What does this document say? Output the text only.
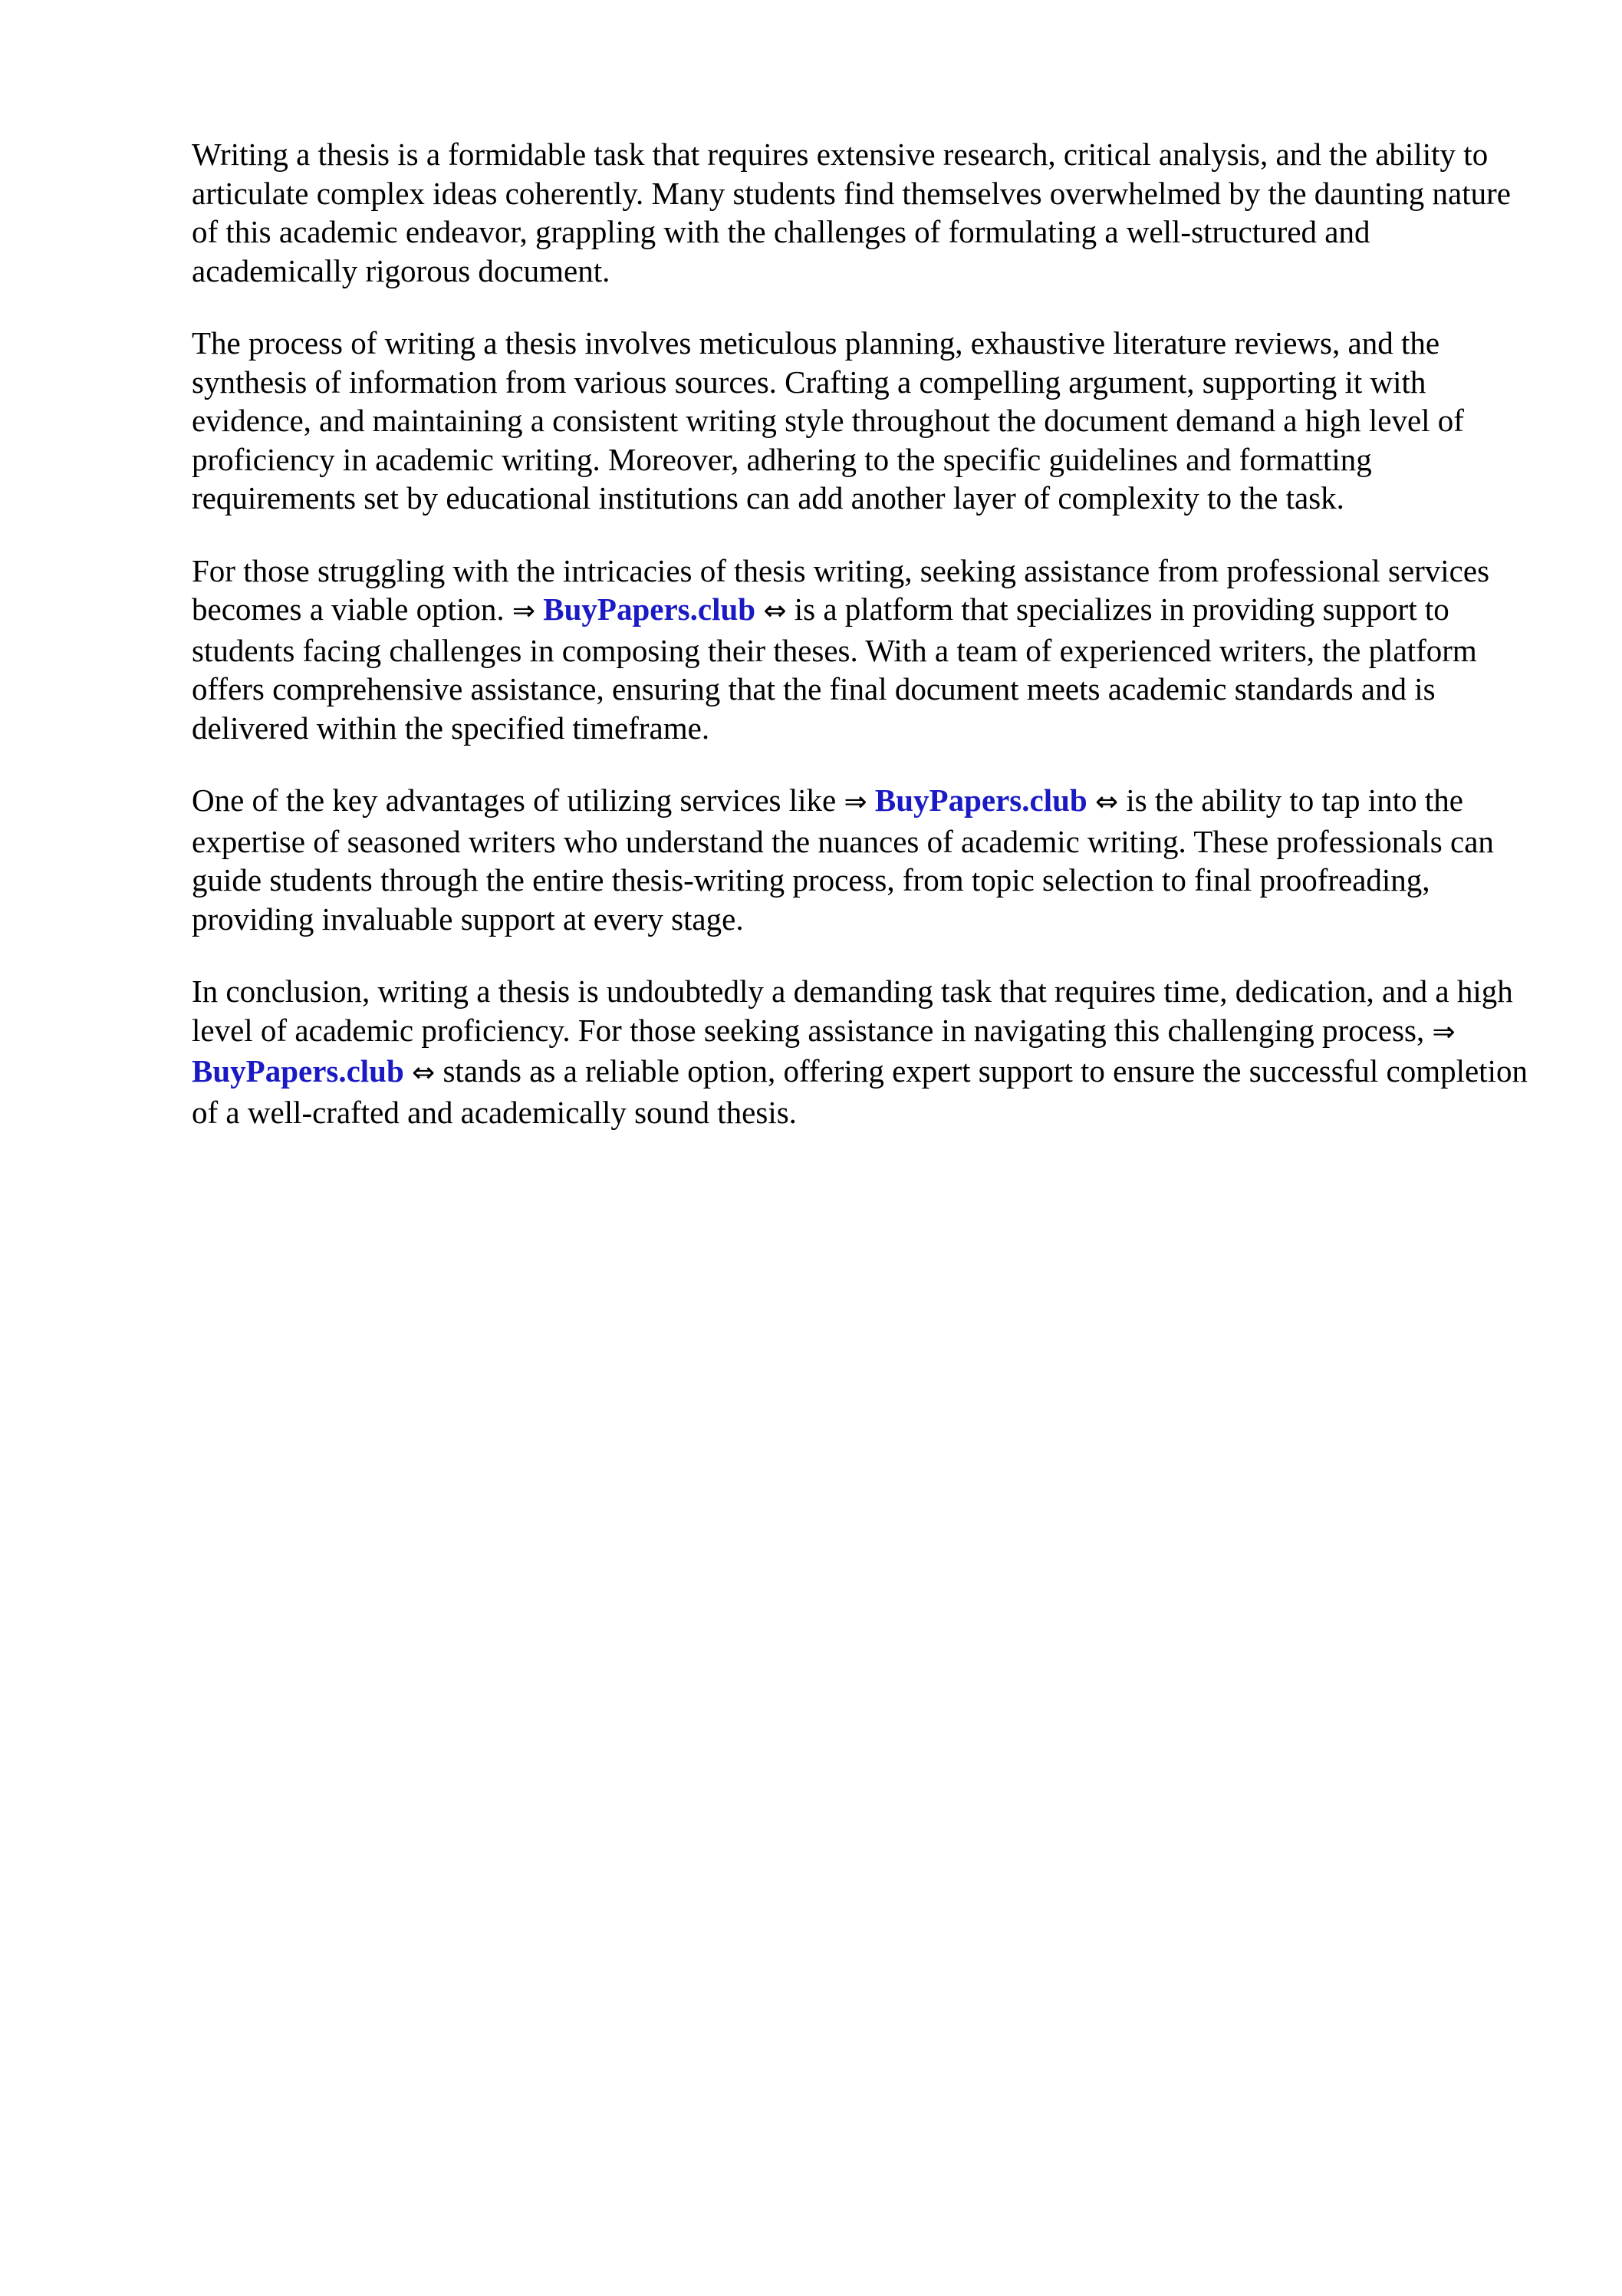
Writing a thesis is a formidable task that requires extensive research, critical analysis, and the ability to articulate complex ideas coherently. Many students find themselves overwhelmed by the daunting nature of this academic endeavor, grappling with the challenges of formulating a well-structured and academically rigorous document.

The process of writing a thesis involves meticulous planning, exhaustive literature reviews, and the synthesis of information from various sources. Crafting a compelling argument, supporting it with evidence, and maintaining a consistent writing style throughout the document demand a high level of proficiency in academic writing. Moreover, adhering to the specific guidelines and formatting requirements set by educational institutions can add another layer of complexity to the task.

For those struggling with the intricacies of thesis writing, seeking assistance from professional services becomes a viable option. ⇒ BuyPapers.club ⇔ is a platform that specializes in providing support to students facing challenges in composing their theses. With a team of experienced writers, the platform offers comprehensive assistance, ensuring that the final document meets academic standards and is delivered within the specified timeframe.

One of the key advantages of utilizing services like ⇒ BuyPapers.club ⇔ is the ability to tap into the expertise of seasoned writers who understand the nuances of academic writing. These professionals can guide students through the entire thesis-writing process, from topic selection to final proofreading, providing invaluable support at every stage.

In conclusion, writing a thesis is undoubtedly a demanding task that requires time, dedication, and a high level of academic proficiency. For those seeking assistance in navigating this challenging process, ⇒ BuyPapers.club ⇔ stands as a reliable option, offering expert support to ensure the successful completion of a well-crafted and academically sound thesis.
